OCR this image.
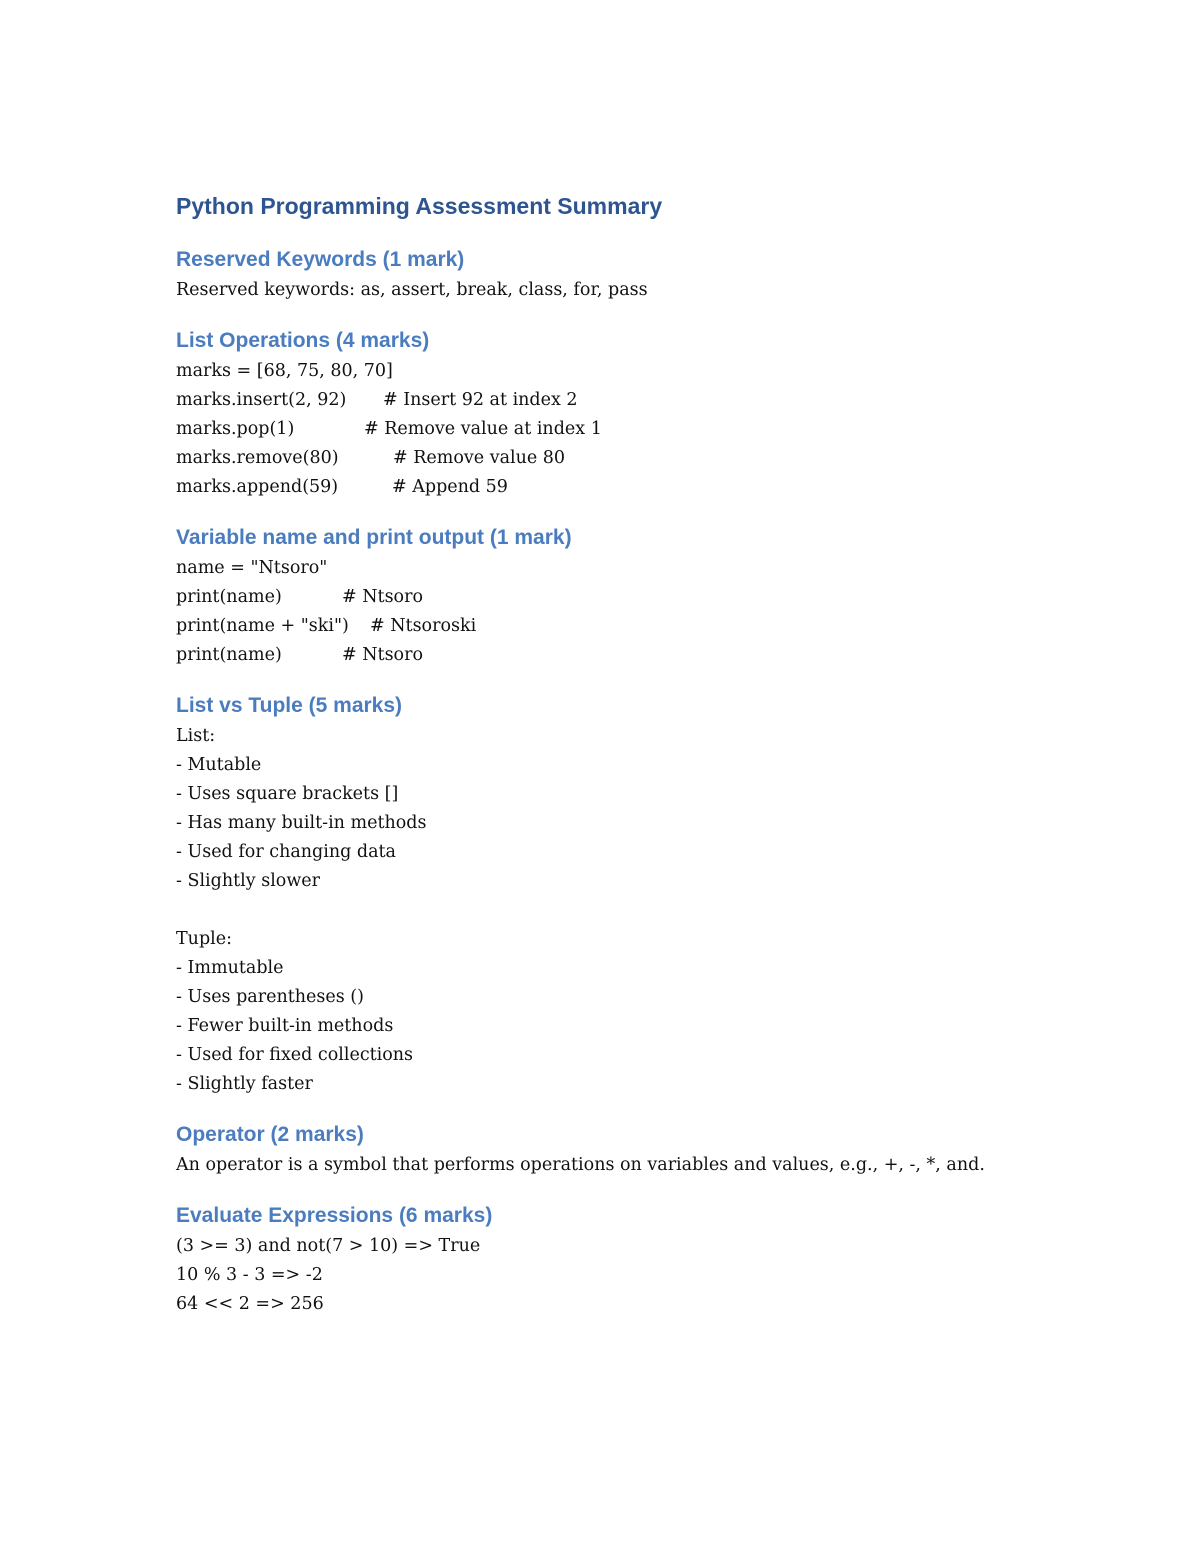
Python Programming Assessment Summary
Reserved Keywords (1 mark)
Reserved keywords: as, assert, break, class, for, pass
List Operations (4 marks)

marks = [68, 75, 80, 70]

marks.insert(2, 92)

# Insert 92 at index 2

marks.pop(1)

	# Remove value at index 1

marks.remove(80)

	# Remove value 80

marks.append(59)

	# Append 59

Variable name and print output (1 mark)

name = "Ntsoro"

print(name)

	# Ntsoro

print(name + "ski")

# Ntsoroski

print(name)

	# Ntsoro

List vs Tuple (5 marks)
List:
- Mutable
- Uses square brackets []
- Has many built-in methods
- Used for changing data
- Slightly slower
Tuple:
- Immutable
- Uses parentheses ()
- Fewer built-in methods
- Used for fixed collections
- Slightly faster
Operator (2 marks)
An operator is a symbol that performs operations on variables and values, e.g., +, -, *, and.
Evaluate Expressions (6 marks)
(3 >= 3) and not(7 > 10) => True
10 % 3 - 3 => -2
64 << 2 => 256
